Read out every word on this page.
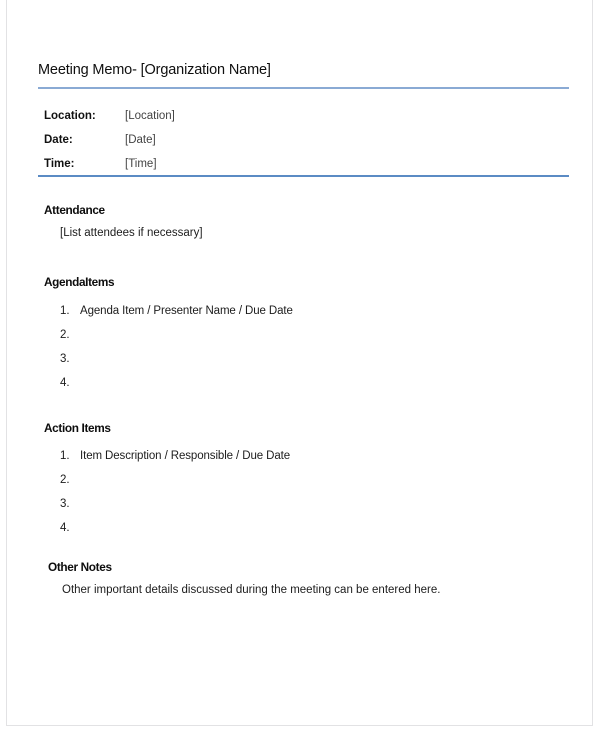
Meeting Memo- [Organization Name]
Location:	[Location]
Date:	[Date]
Time:	[Time]
Attendance
[List attendees if necessary]
AgendaItems
1. Agenda Item / Presenter Name / Due Date
2.
3.
4.
Action Items
1. Item Description / Responsible / Due Date
2.
3.
4.
Other Notes
Other important details discussed during the meeting can be entered here.
